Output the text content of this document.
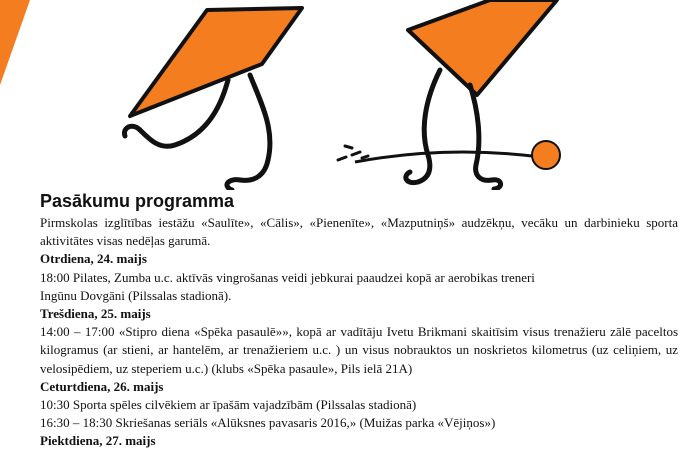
Pasākumu programma

Pirmskolas izglītības iestāžu «Saulīte», «Cālis», «Pienenīte», «Mazputniņš» audzēkņu, vecāku un darbinieku sporta aktivitātes visas nedēļas garumā.

Otrdiena, 24. maijs

18:00 Pilates, Zumba u.c. aktīvās vingrošanas veidi jebkurai paaudzei kopā ar aerobikas treneri

Ingūnu Dovgāni (Pilssalas stadionā).

Trešdiena, 25. maijs

14:00 – 17:00 «Stipro diena «Spēka pasaulē»», kopā ar vadītāju Ivetu Brikmani skaitīsim visus trenažieru zālē paceltos kilogramus (ar stieni, ar hantelēm, ar trenažieriem u.c. ) un visus nobrauktos un noskrietos kilometrus (uz celiņiem, uz velosipēdiem, uz steperiem u.c.) (klubs «Spēka pasaule», Pils ielā 21A)

Ceturtdiena, 26. maijs

10:30 Sporta spēles cilvēkiem ar īpašām vajadzībām (Pilssalas stadionā)

16:30 – 18:30 Skriešanas seriāls «Alūksnes pavasaris 2016,» (Muižas parka «Vējiņos»)

Piektdiena, 27. maijs
